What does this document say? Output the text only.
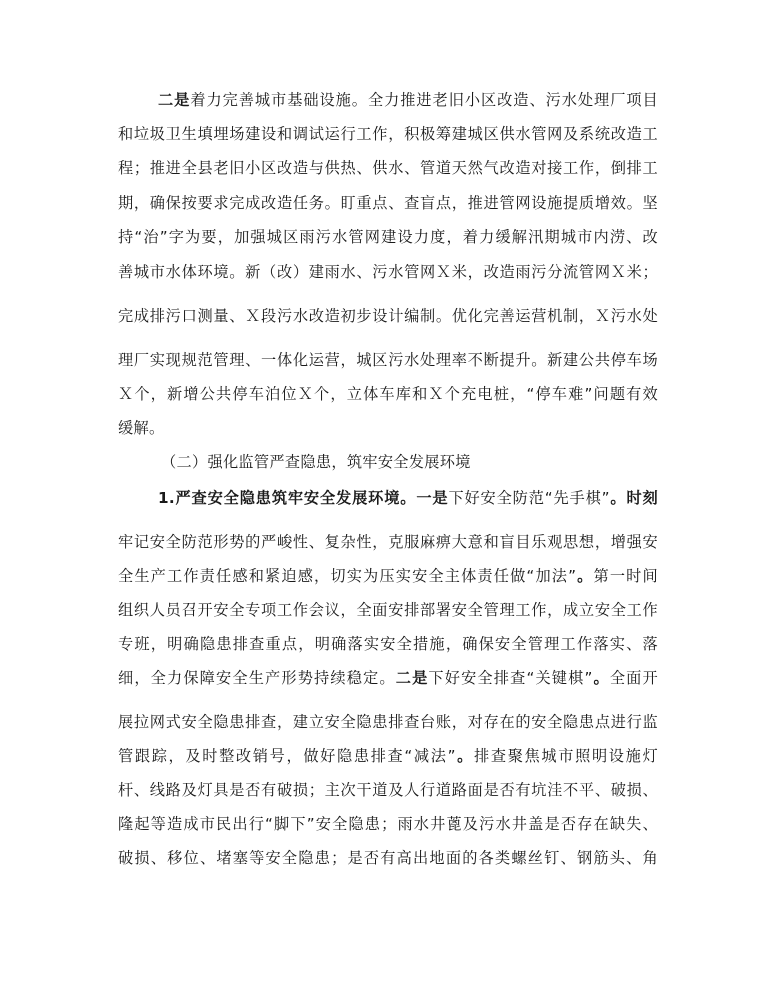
二是着力完善城市基础设施。全力推进老旧小区改造、污水处理厂项目
和垃圾卫生填埋场建设和调试运行工作，积极筹建城区供水管网及系统改造工
程；推进全县老旧小区改造与供热、供水、管道天然气改造对接工作，倒排工
期，确保按要求完成改造任务。盯重点、查盲点，推进管网设施提质增效。坚
持“治”字为要，加强城区雨污水管网建设力度，着力缓解汛期城市内涝、改
善城市水体环境。新（改）建雨水、污水管网Ｘ米，改造雨污分流管网Ｘ米；
完成排污口测量、Ｘ段污水改造初步设计编制。优化完善运营机制，Ｘ污水处
理厂实现规范管理、一体化运营，城区污水处理率不断提升。新建公共停车场
Ｘ个，新增公共停车泊位Ｘ个，立体车库和Ｘ个充电桩，“停车难”问题有效
缓解。
（二）强化监管严查隐患，筑牢安全发展环境
1.严查安全隐患筑牢安全发展环境。一是下好安全防范“先手棋”。时刻
牢记安全防范形势的严峻性、复杂性，克服麻痹大意和盲目乐观思想，增强安
全生产工作责任感和紧迫感，切实为压实安全主体责任做“加法”。第一时间
组织人员召开安全专项工作会议，全面安排部署安全管理工作，成立安全工作
专班，明确隐患排查重点，明确落实安全措施，确保安全管理工作落实、落
细，全力保障安全生产形势持续稳定。二是下好安全排查“关键棋”。全面开
展拉网式安全隐患排查，建立安全隐患排查台账，对存在的安全隐患点进行监
管跟踪，及时整改销号，做好隐患排查“减法”。排查聚焦城市照明设施灯
杆、线路及灯具是否有破损；主次干道及人行道路面是否有坑洼不平、破损、
隆起等造成市民出行“脚下”安全隐患；雨水井蓖及污水井盖是否存在缺失、
破损、移位、堵塞等安全隐患；是否有高出地面的各类螺丝钉、钢筋头、角
